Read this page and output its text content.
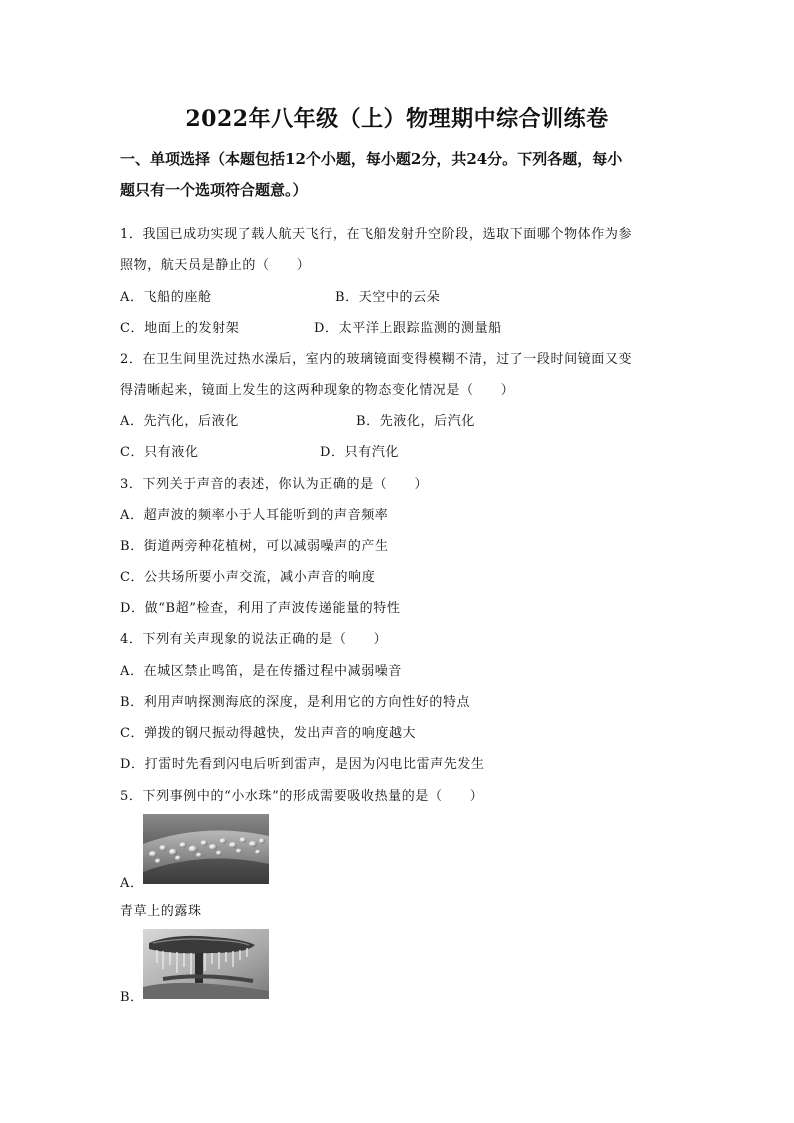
2022年八年级（上）物理期中综合训练卷
一、单项选择（本题包括12个小题，每小题2分，共24分。下列各题，每小
题只有一个选项符合题意。）
1．我国已成功实现了载人航天飞行，在飞船发射升空阶段，选取下面哪个物体作为参
照物，航天员是静止的（　　）
A．飞船的座舱	B．天空中的云朵
C．地面上的发射架	D．太平洋上跟踪监测的测量船
2．在卫生间里洗过热水澡后，室内的玻璃镜面变得模糊不清，过了一段时间镜面又变
得清晰起来，镜面上发生的这两种现象的物态变化情况是（　　）
A．先汽化，后液化	B．先液化，后汽化
C．只有液化	D．只有汽化
3．下列关于声音的表述，你认为正确的是（　　）
A．超声波的频率小于人耳能听到的声音频率
B．街道两旁种花植树，可以减弱噪声的产生
C．公共场所要小声交流，减小声音的响度
D．做“B超”检查，利用了声波传递能量的特性
4．下列有关声现象的说法正确的是（　　）
A．在城区禁止鸣笛，是在传播过程中减弱噪音
B．利用声呐探测海底的深度，是利用它的方向性好的特点
C．弹拨的钢尺振动得越快，发出声音的响度越大
D．打雷时先看到闪电后听到雷声，是因为闪电比雷声先发生
5．下列事例中的“小水珠”的形成需要吸收热量的是（　　）
A．
青草上的露珠
B．
